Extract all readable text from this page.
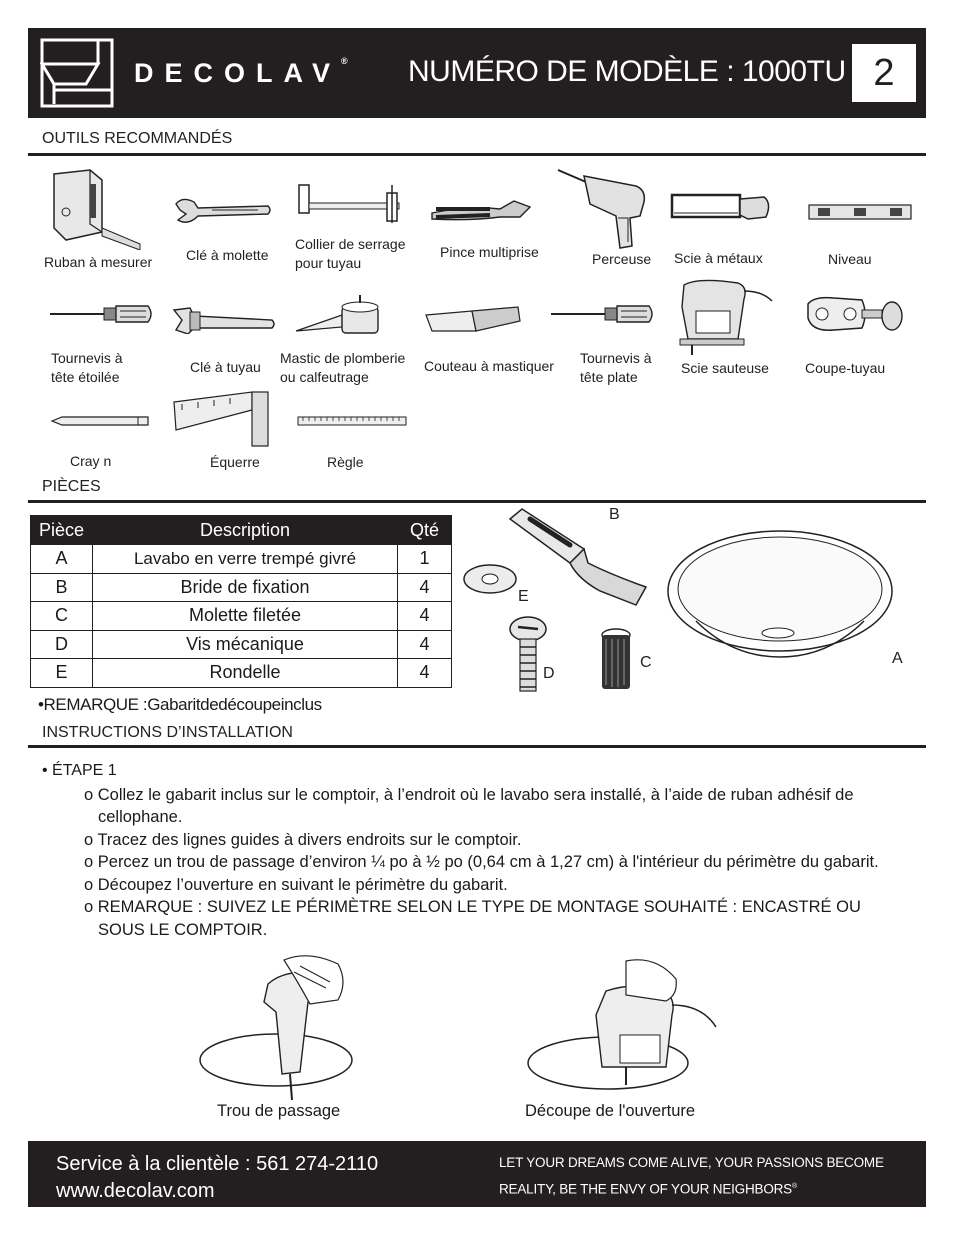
DECOLAV® NUMÉRO DE MODÈLE : 1000TU 2
OUTILS RECOMMANDÉS
Ruban à mesurer Clé à molette
Collier de serrage
pour tuyau
Pince multiprise	Perceuse Scie à métaux	Niveau
Tournevis à
tête étoilée
Clé à tuyau
Mastic de plomberie
ou calfeutrage
Couteau à mastiquer Tournevis à
tête plate
Scie sauteuse	Coupe-tuyau
Cray n	Équerre	Règle
PIÈCES
Pièce	Description	Qté
A	Lavabo en verre trempé givré	1
B	Bride de fixation	4
C	Molette filetée	4
D	Vis mécanique	4
E	Rondelle	4
B
E
C
D
A
•REMARQUE :Gabaritdedécoupeinclus
INSTRUCTIONS D’INSTALLATION
• ÉTAPE 1
o Collez le gabarit inclus sur le comptoir, à l’endroit où le lavabo sera installé, à l’aide de ruban adhésif de cellophane.
o Tracez des lignes guides à divers endroits sur le comptoir.
o Percez un trou de passage d’environ ¼ po à ½ po (0,64 cm à 1,27 cm) à l'intérieur du périmètre du gabarit.
o Découpez l’ouverture en suivant le périmètre du gabarit.
o REMARQUE : SUIVEZ LE PÉRIMÈTRE SELON LE TYPE DE MONTAGE SOUHAITÉ : ENCASTRÉ OU SOUS LE COMPTOIR.
Trou de passage	Découpe de l'ouverture
Service à la clientèle : 561 274-2110
www.decolav.com
LET YOUR DREAMS COME ALIVE, YOUR PASSIONS BECOME
REALITY, BE THE ENVY OF YOUR NEIGHBORS®
